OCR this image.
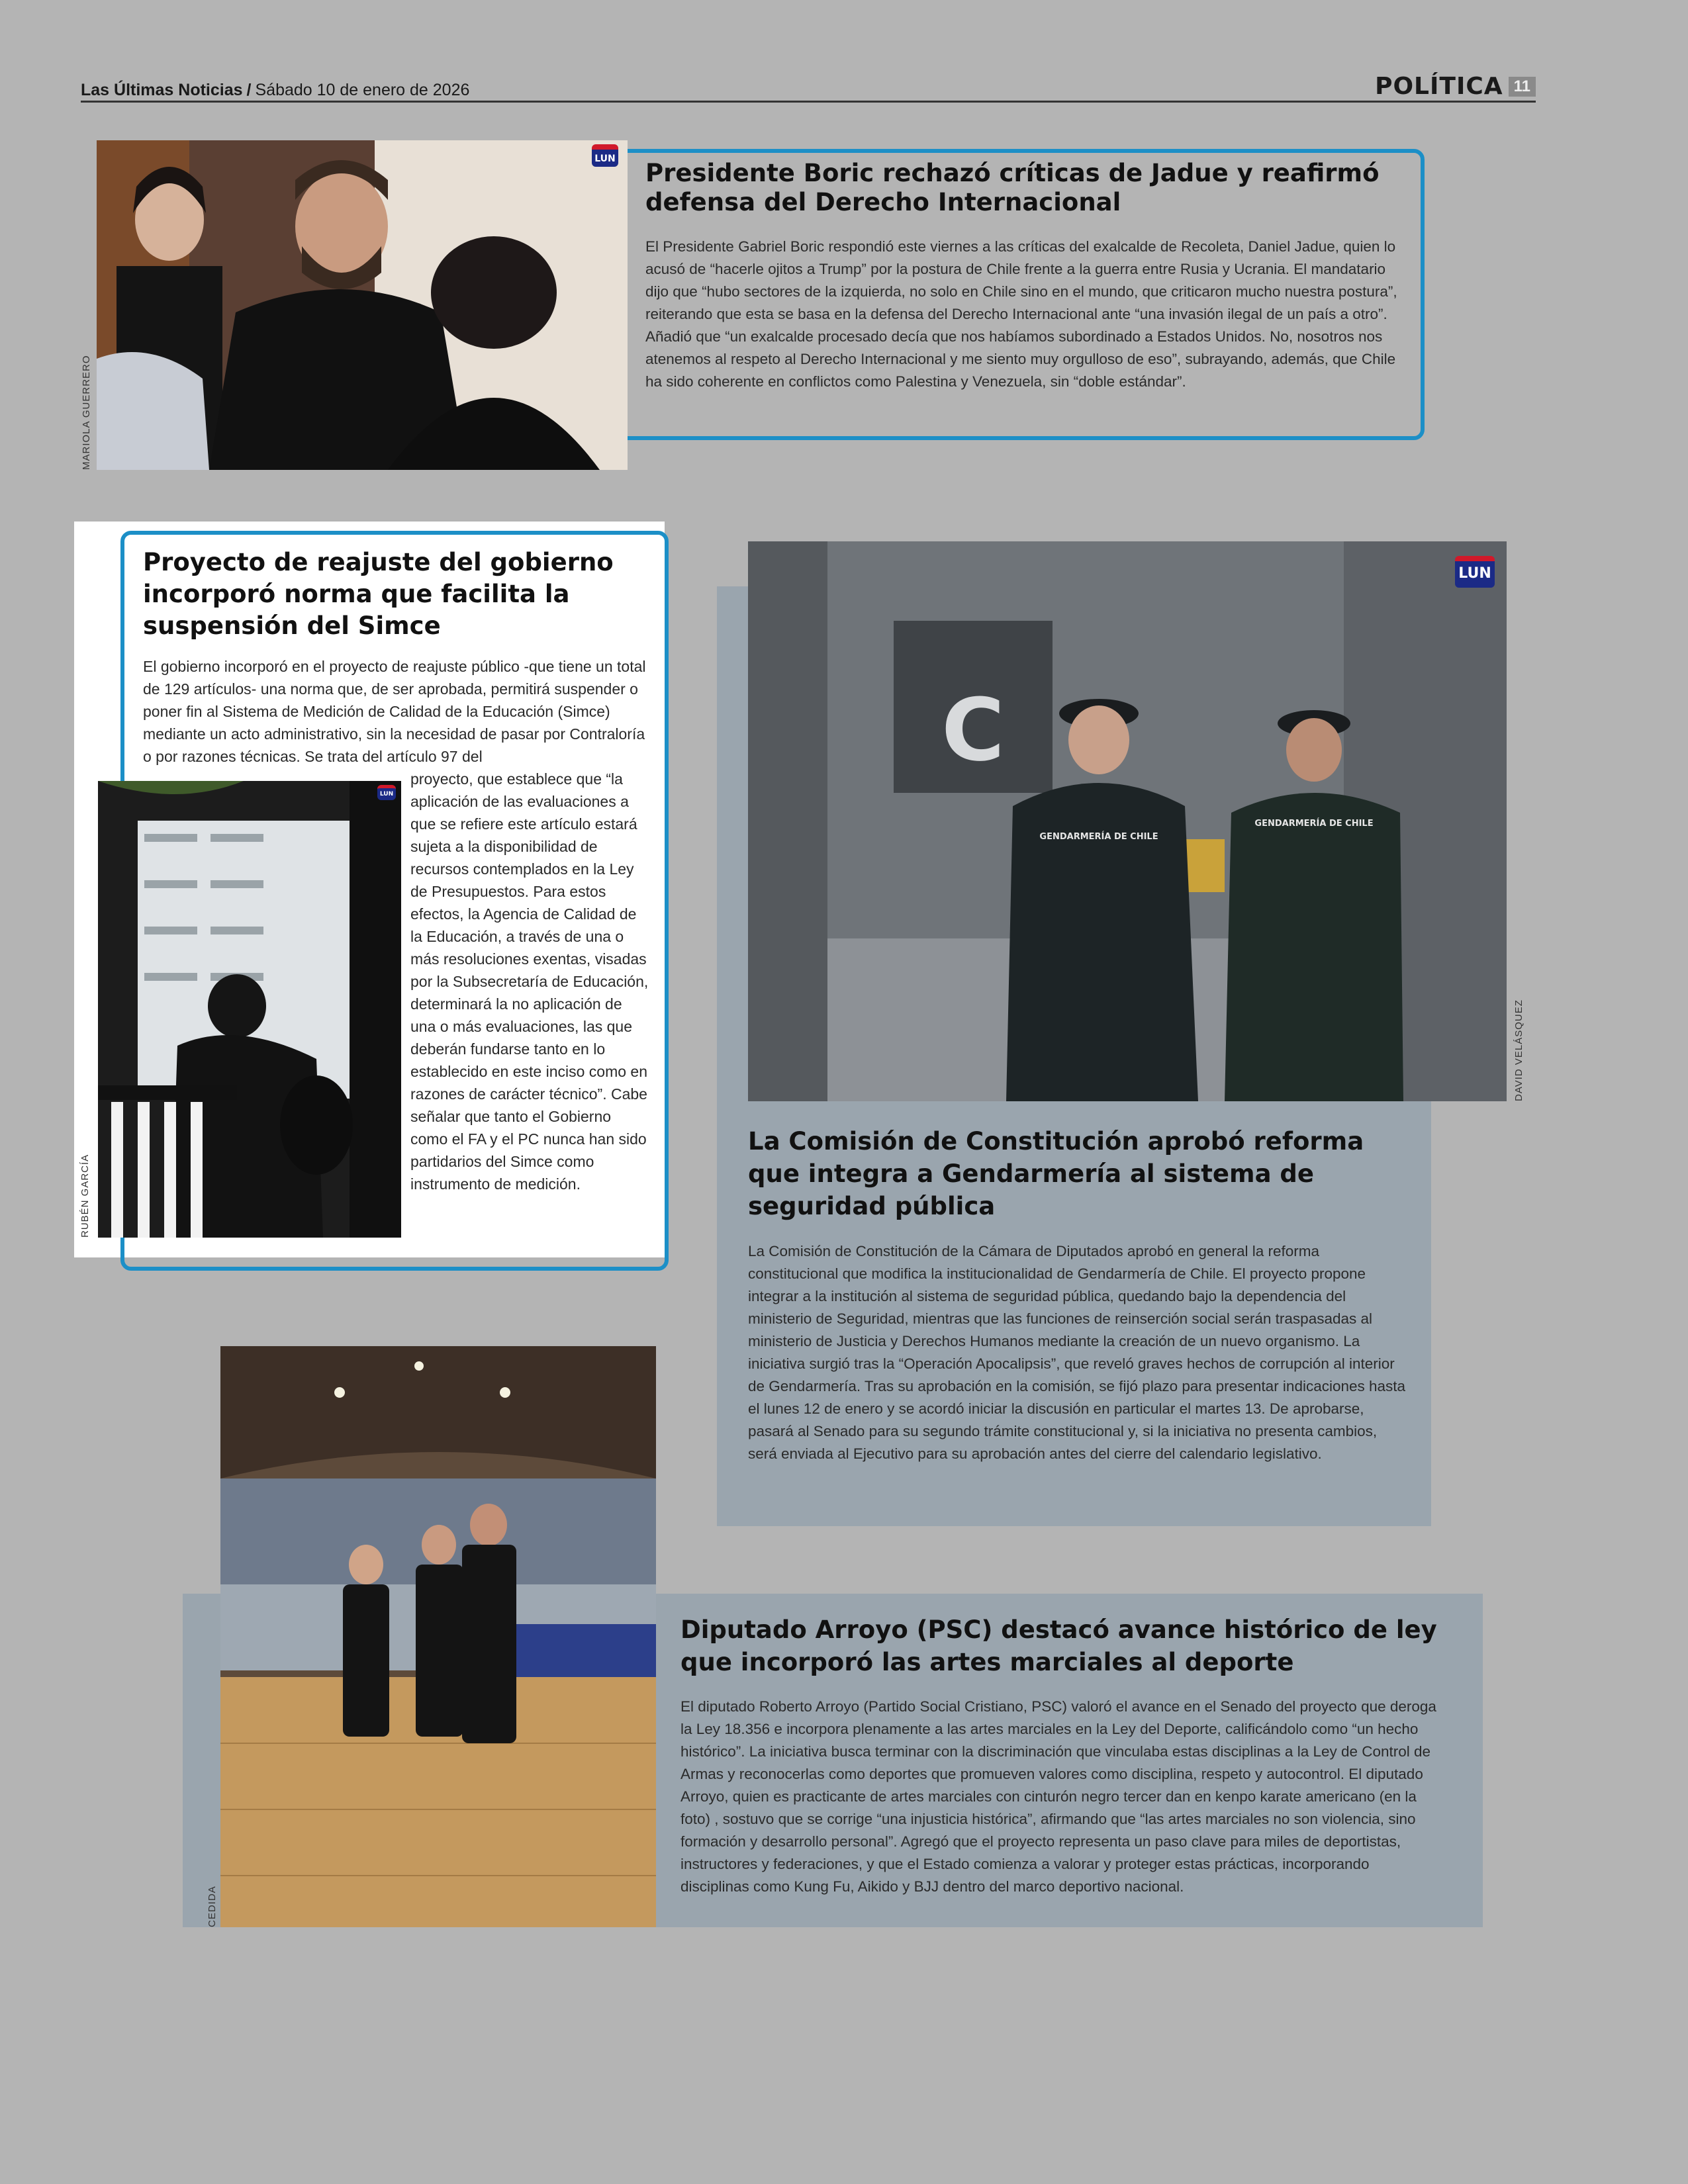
Las Últimas Noticias / Sábado 10 de enero de 2026	POLÍTICA 11
LUN
MARIOLA GUERRERO
Presidente Boric rechazó críticas de Jadue y reafirmó defensa del Derecho Internacional
El Presidente Gabriel Boric respondió este viernes a las críticas del exalcalde de Recoleta, Daniel Jadue, quien lo acusó de “hacerle ojitos a Trump” por la postura de Chile frente a la guerra entre Rusia y Ucrania. El mandatario dijo que “hubo sectores de la izquierda, no solo en Chile sino en el mundo, que criticaron mucho nuestra postura”, reiterando que esta se basa en la defensa del Derecho Internacional ante “una invasión ilegal de un país a otro”. Añadió que “un exalcalde procesado decía que nos habíamos subordinado a Estados Unidos. No, nosotros nos atenemos al respeto al Derecho Internacional y me siento muy orgulloso de eso”, subrayando, además, que Chile ha sido coherente en conflictos como Palestina y Venezuela, sin “doble estándar”.
Proyecto de reajuste del gobierno incorporó norma que facilita la suspensión del Simce
El gobierno incorporó en el proyecto de reajuste público -que tiene un total de 129 artículos- una norma que, de ser aprobada, permitirá suspender o poner fin al Sistema de Medición de Calidad de la Educación (Simce) mediante un acto administrativo, sin la necesidad de pasar por Contraloría o por razones técnicas. Se trata del artículo 97 del
proyecto, que establece que “la aplicación de las evaluaciones a que se refiere este artículo estará sujeta a la disponibilidad de recursos contemplados en la Ley de Presupuestos. Para estos efectos, la Agencia de Calidad de la Educación, a través de una o más resoluciones exentas, visadas por la Subsecretaría de Educación, determinará la no aplicación de una o más evaluaciones, las que deberán fundarse tanto en lo establecido en este inciso como en razones de carácter técnico”. Cabe señalar que tanto el Gobierno como el FA y el PC nunca han sido partidarios del Simce como instrumento de medición.
LUN
RUBÉN GARCÍA
C
GENDARMERÍA DE CHILE
GENDARMERÍA DE CHILE
LUN
DAVID VELÁSQUEZ
La Comisión de Constitución aprobó reforma que integra a Gendarmería al sistema de seguridad pública
La Comisión de Constitución de la Cámara de Diputados aprobó en general la reforma constitucional que modifica la institucionalidad de Gendarmería de Chile. El proyecto propone integrar a la institución al sistema de seguridad pública, quedando bajo la dependencia del ministerio de Seguridad, mientras que las funciones de reinserción social serán traspasadas al ministerio de Justicia y Derechos Humanos mediante la creación de un nuevo organismo. La iniciativa surgió tras la “Operación Apocalipsis”, que reveló graves hechos de corrupción al interior de Gendarmería. Tras su aprobación en la comisión, se fijó plazo para presentar indicaciones hasta el lunes 12 de enero y se acordó iniciar la discusión en particular el martes 13. De aprobarse, pasará al Senado para su segundo trámite constitucional y, si la iniciativa no presenta cambios, será enviada al Ejecutivo para su aprobación antes del cierre del calendario legislativo.
CEDIDA
Diputado Arroyo (PSC) destacó avance histórico de ley que incorporó las artes marciales al deporte
El diputado Roberto Arroyo (Partido Social Cristiano, PSC) valoró el avance en el Senado del proyecto que deroga la Ley 18.356 e incorpora plenamente a las artes marciales en la Ley del Deporte, calificándolo como “un hecho histórico”. La iniciativa busca terminar con la discriminación que vinculaba estas disciplinas a la Ley de Control de Armas y reconocerlas como deportes que promueven valores como disciplina, respeto y autocontrol. El diputado Arroyo, quien es practicante de artes marciales con cinturón negro tercer dan en kenpo karate americano (en la foto) , sostuvo que se corrige “una injusticia histórica”, afirmando que “las artes marciales no son violencia, sino formación y desarrollo personal”. Agregó que el proyecto representa un paso clave para miles de deportistas, instructores y federaciones, y que el Estado comienza a valorar y proteger estas prácticas, incorporando disciplinas como Kung Fu, Aikido y BJJ dentro del marco deportivo nacional.
